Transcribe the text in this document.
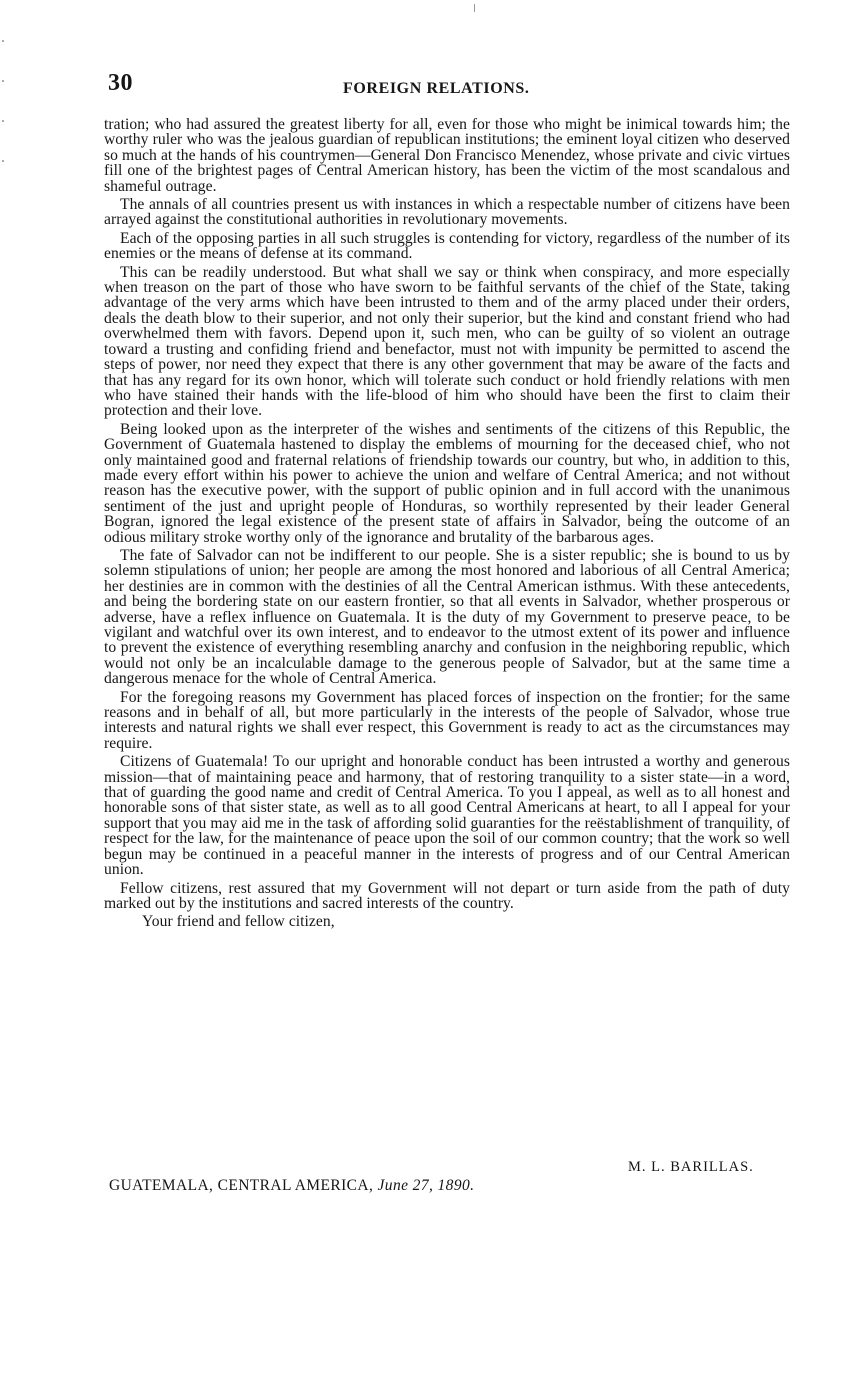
30	FOREIGN RELATIONS.

tration; who had assured the greatest liberty for all, even for those who might be inimical towards him; the worthy ruler who was the jealous guardian of republican institutions; the eminent loyal citizen who deserved so much at the hands of his countrymen—General Don Francisco Menendez, whose private and civic virtues fill one of the brightest pages of Central American history, has been the victim of the most scandalous and shameful outrage.

The annals of all countries present us with instances in which a respectable number of citizens have been arrayed against the constitutional authorities in revolutionary movements.

Each of the opposing parties in all such struggles is contending for victory, regardless of the number of its enemies or the means of defense at its command.

This can be readily understood. But what shall we say or think when conspiracy, and more especially when treason on the part of those who have sworn to be faithful servants of the chief of the State, taking advantage of the very arms which have been intrusted to them and of the army placed under their orders, deals the death blow to their superior, and not only their superior, but the kind and constant friend who had overwhelmed them with favors. Depend upon it, such men, who can be guilty of so violent an outrage toward a trusting and confiding friend and benefactor, must not with impunity be permitted to ascend the steps of power, nor need they expect that there is any other government that may be aware of the facts and that has any regard for its own honor, which will tolerate such conduct or hold friendly relations with men who have stained their hands with the life-blood of him who should have been the first to claim their protection and their love.

Being looked upon as the interpreter of the wishes and sentiments of the citizens of this Republic, the Government of Guatemala hastened to display the emblems of mourning for the deceased chief, who not only maintained good and fraternal relations of friendship towards our country, but who, in addition to this, made every effort within his power to achieve the union and welfare of Central America; and not without reason has the executive power, with the support of public opinion and in full accord with the unanimous sentiment of the just and upright people of Honduras, so worthily represented by their leader General Bogran, ignored the legal existence of the present state of affairs in Salvador, being the outcome of an odious military stroke worthy only of the ignorance and brutality of the barbarous ages.

The fate of Salvador can not be indifferent to our people. She is a sister republic; she is bound to us by solemn stipulations of union; her people are among the most honored and laborious of all Central America; her destinies are in common with the destinies of all the Central American isthmus. With these antecedents, and being the bordering state on our eastern frontier, so that all events in Salvador, whether prosperous or adverse, have a reflex influence on Guatemala. It is the duty of my Government to preserve peace, to be vigilant and watchful over its own interest, and to endeavor to the utmost extent of its power and influence to prevent the existence of everything resembling anarchy and confusion in the neighboring republic, which would not only be an incalculable damage to the generous people of Salvador, but at the same time a dangerous menace for the whole of Central America.

For the foregoing reasons my Government has placed forces of inspection on the frontier; for the same reasons and in behalf of all, but more particularly in the interests of the people of Salvador, whose true interests and natural rights we shall ever respect, this Government is ready to act as the circumstances may require.

Citizens of Guatemala! To our upright and honorable conduct has been intrusted a worthy and generous mission—that of maintaining peace and harmony, that of restoring tranquility to a sister state—in a word, that of guarding the good name and credit of Central America. To you I appeal, as well as to all honest and honorable sons of that sister state, as well as to all good Central Americans at heart, to all I appeal for your support that you may aid me in the task of affording solid guaranties for the reëstablishment of tranquility, of respect for the law, for the maintenance of peace upon the soil of our common country; that the work so well begun may be continued in a peaceful manner in the interests of progress and of our Central American union.

Fellow citizens, rest assured that my Government will not depart or turn aside from the path of duty marked out by the institutions and sacred interests of the country.

Your friend and fellow citizen,

M. L. BARILLAS.
GUATEMALA, CENTRAL AMERICA, June 27, 1890.
